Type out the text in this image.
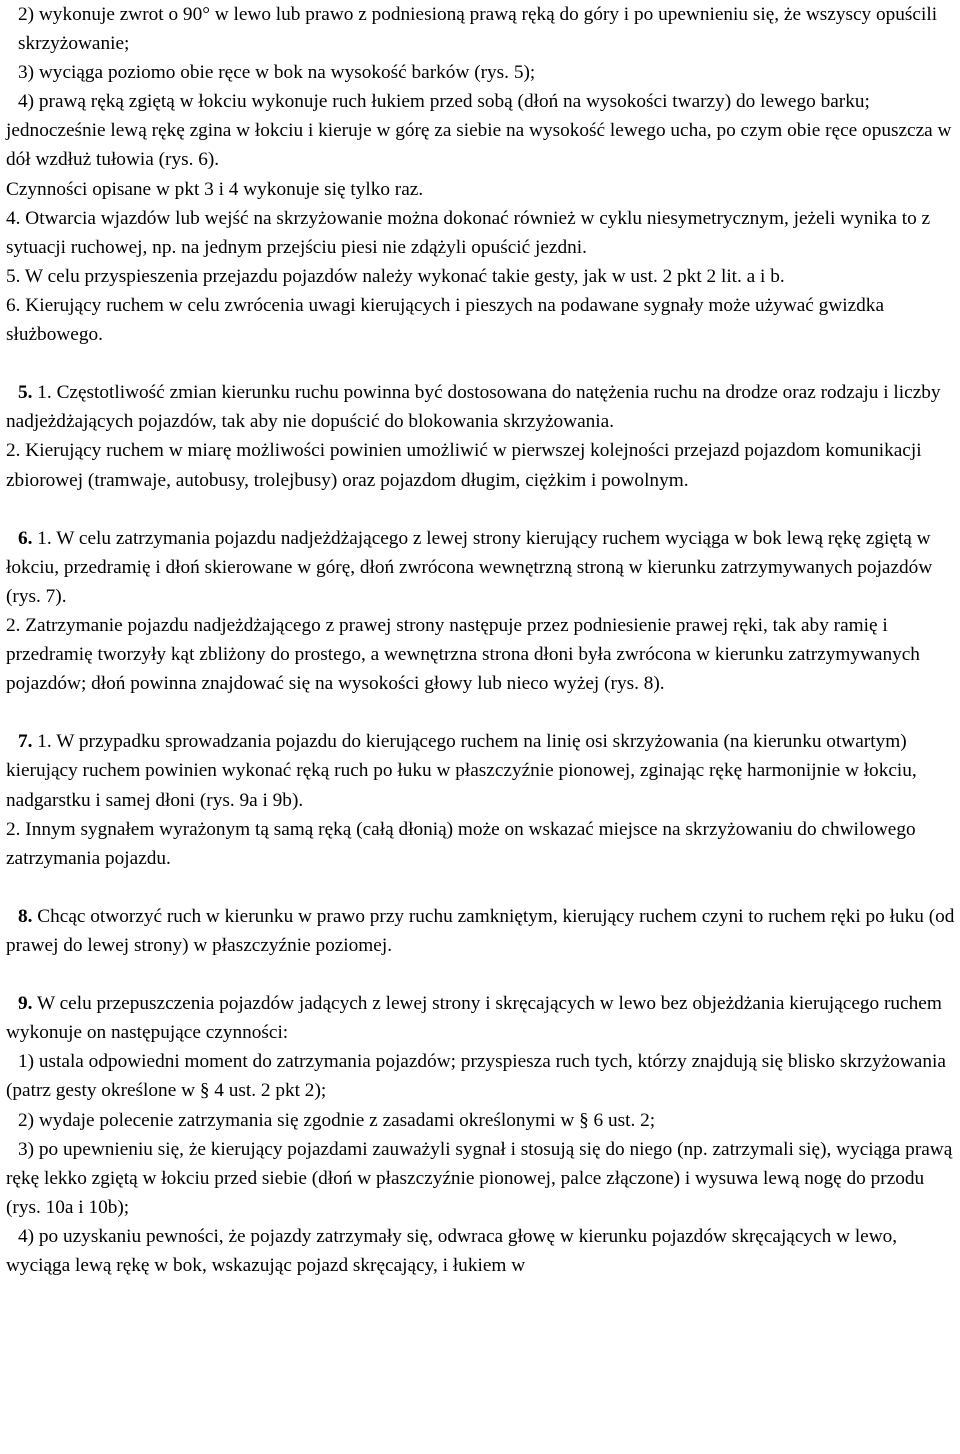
2) wykonuje zwrot o 90° w lewo lub prawo z podniesioną prawą ręką do góry i po upewnieniu się, że wszyscy opuścili skrzyżowanie;

3) wyciąga poziomo obie ręce w bok na wysokość barków (rys. 5);

4) prawą ręką zgiętą w łokciu wykonuje ruch łukiem przed sobą (dłoń na wysokości twarzy) do lewego barku; jednocześnie lewą rękę zgina w łokciu i kieruje w górę za siebie na wysokość lewego ucha, po czym obie ręce opuszcza w dół wzdłuż tułowia (rys. 6).

Czynności opisane w pkt 3 i 4 wykonuje się tylko raz.

4. Otwarcia wjazdów lub wejść na skrzyżowanie można dokonać również w cyklu niesymetrycznym, jeżeli wynika to z sytuacji ruchowej, np. na jednym przejściu piesi nie zdążyli opuścić jezdni.

5. W celu przyspieszenia przejazdu pojazdów należy wykonać takie gesty, jak w ust. 2 pkt 2 lit. a i b.

6. Kierujący ruchem w celu zwrócenia uwagi kierujących i pieszych na podawane sygnały może używać gwizdka służbowego.

5. 1. Częstotliwość zmian kierunku ruchu powinna być dostosowana do natężenia ruchu na drodze oraz rodzaju i liczby nadjeżdżających pojazdów, tak aby nie dopuścić do blokowania skrzyżowania.

2. Kierujący ruchem w miarę możliwości powinien umożliwić w pierwszej kolejności przejazd pojazdom komunikacji zbiorowej (tramwaje, autobusy, trolejbusy) oraz pojazdom długim, ciężkim i powolnym.

6. 1. W celu zatrzymania pojazdu nadjeżdżającego z lewej strony kierujący ruchem wyciąga w bok lewą rękę zgiętą w łokciu, przedramię i dłoń skierowane w górę, dłoń zwrócona wewnętrzną stroną w kierunku zatrzymywanych pojazdów (rys. 7).

2. Zatrzymanie pojazdu nadjeżdżającego z prawej strony następuje przez podniesienie prawej ręki, tak aby ramię i przedramię tworzyły kąt zbliżony do prostego, a wewnętrzna strona dłoni była zwrócona w kierunku zatrzymywanych pojazdów; dłoń powinna znajdować się na wysokości głowy lub nieco wyżej (rys. 8).

7. 1. W przypadku sprowadzania pojazdu do kierującego ruchem na linię osi skrzyżowania (na kierunku otwartym) kierujący ruchem powinien wykonać ręką ruch po łuku w płaszczyźnie pionowej, zginając rękę harmonijnie w łokciu, nadgarstku i samej dłoni (rys. 9a i 9b).

2. Innym sygnałem wyrażonym tą samą ręką (całą dłonią) może on wskazać miejsce na skrzyżowaniu do chwilowego zatrzymania pojazdu.

8. Chcąc otworzyć ruch w kierunku w prawo przy ruchu zamkniętym, kierujący ruchem czyni to ruchem ręki po łuku (od prawej do lewej strony) w płaszczyźnie poziomej.

9. W celu przepuszczenia pojazdów jadących z lewej strony i skręcających w lewo bez objeżdżania kierującego ruchem wykonuje on następujące czynności:

1) ustala odpowiedni moment do zatrzymania pojazdów; przyspiesza ruch tych, którzy znajdują się blisko skrzyżowania (patrz gesty określone w § 4 ust. 2 pkt 2);

2) wydaje polecenie zatrzymania się zgodnie z zasadami określonymi w § 6 ust. 2;

3) po upewnieniu się, że kierujący pojazdami zauważyli sygnał i stosują się do niego (np. zatrzymali się), wyciąga prawą rękę lekko zgiętą w łokciu przed siebie (dłoń w płaszczyźnie pionowej, palce złączone) i wysuwa lewą nogę do przodu (rys. 10a i 10b);

4) po uzyskaniu pewności, że pojazdy zatrzymały się, odwraca głowę w kierunku pojazdów skręcających w lewo, wyciąga lewą rękę w bok, wskazując pojazd skręcający, i łukiem w
